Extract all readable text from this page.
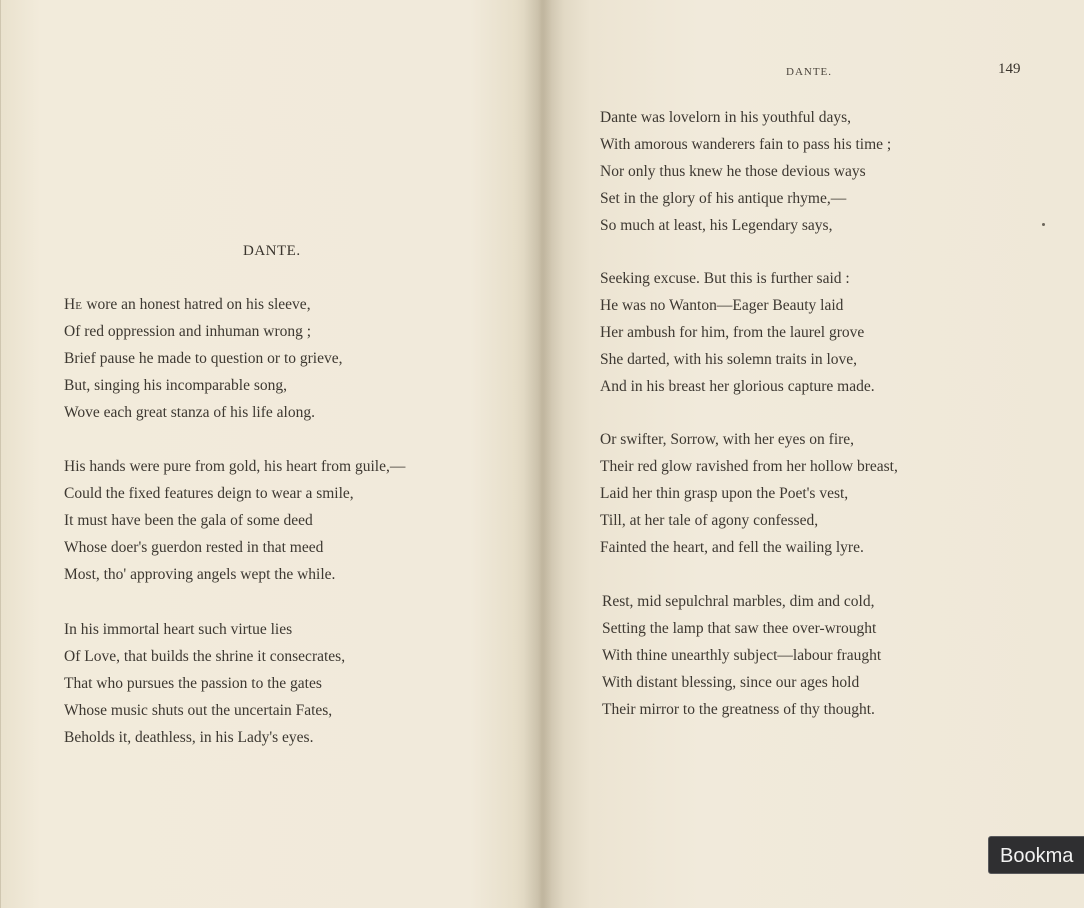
DANTE.
HE wore an honest hatred on his sleeve,
Of red oppression and inhuman wrong ;
Brief pause he made to question or to grieve,
But, singing his incomparable song,
Wove each great stanza of his life along.
His hands were pure from gold, his heart from guile,—
Could the fixed features deign to wear a smile,
It must have been the gala of some deed
Whose doer's guerdon rested in that meed
Most, tho' approving angels wept the while.
In his immortal heart such virtue lies
Of Love, that builds the shrine it consecrates,
That who pursues the passion to the gates
Whose music shuts out the uncertain Fates,
Beholds it, deathless, in his Lady's eyes.
DANTE.	149
Dante was lovelorn in his youthful days,
With amorous wanderers fain to pass his time ;
Nor only thus knew he those devious ways
Set in the glory of his antique rhyme,—
So much at least, his Legendary says,
Seeking excuse. But this is further said :
He was no Wanton—Eager Beauty laid
Her ambush for him, from the laurel grove
She darted, with his solemn traits in love,
And in his breast her glorious capture made.
Or swifter, Sorrow, with her eyes on fire,
Their red glow ravished from her hollow breast,
Laid her thin grasp upon the Poet's vest,
Till, at her tale of agony confessed,
Fainted the heart, and fell the wailing lyre.
Rest, mid sepulchral marbles, dim and cold,
Setting the lamp that saw thee over-wrought
With thine unearthly subject—labour fraught
With distant blessing, since our ages hold
Their mirror to the greatness of thy thought.
Bookma
